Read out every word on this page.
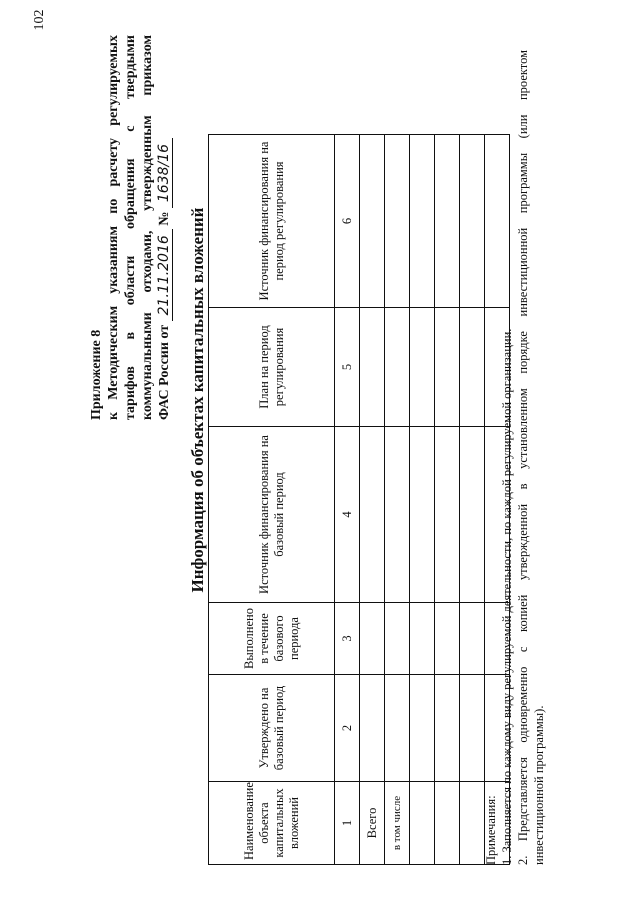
102
Приложение 8 к Методическим указаниям по расчету регулируемых тарифов в области обращения с твердыми коммунальными отходами, утвержденным приказом ФАС России от 21.11.2016 № 1638/16
Информация об объектах капитальных вложений
Наименование объекта капитальных вложений	Утверждено на базовый период	Выполнено в течение базового периода	Источник финансирования на базовый период	План на период регулирования	Источник финансирования на период регулирования
1	2	3	4	5	6
Всего					
в том числе					

						Примечания: 1. Заполняется по каждому виду регулируемой деятельности, по каждой регулируемой организации. 2. Представляется одновременно с копией утвержденной в установленном порядке инвестиционной программы (или проектом инвестиционной программы).
